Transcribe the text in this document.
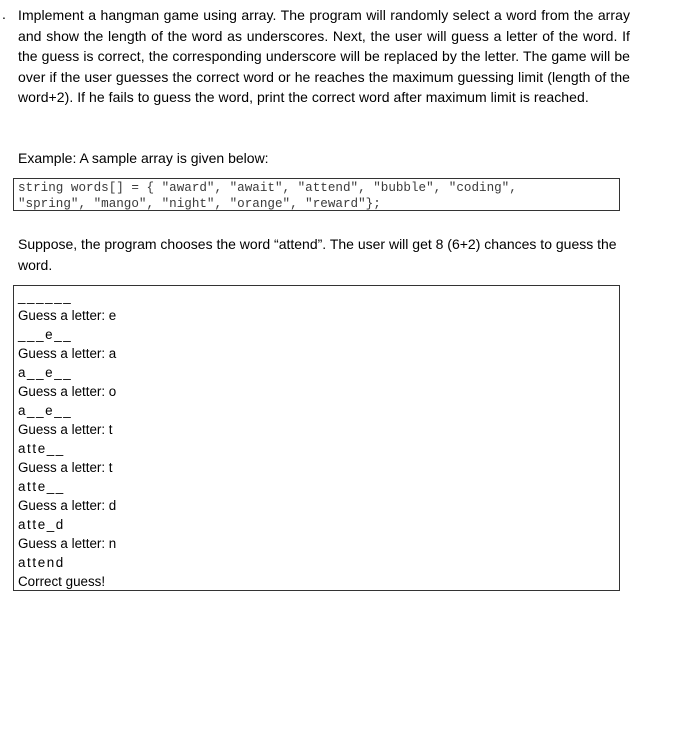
. Implement a hangman game using array. The program will randomly select a word from the array and show the length of the word as underscores. Next, the user will guess a letter of the word. If the guess is correct, the corresponding underscore will be replaced by the letter. The game will be over if the user guesses the correct word or he reaches the maximum guessing limit (length of the word+2). If he fails to guess the word, print the correct word after maximum limit is reached.
Example: A sample array is given below:
string words[] = { "award", "await", "attend", "bubble", "coding",
"spring", "mango", "night", "orange", "reward"};
Suppose, the program chooses the word “attend”. The user will get 8 (6+2) chances to guess the word.
______
Guess a letter: e
___e__
Guess a letter: a
a__e__
Guess a letter: o
a__e__
Guess a letter: t
atte__
Guess a letter: t
atte__
Guess a letter: d
atte_d
Guess a letter: n
attend
Correct guess!
